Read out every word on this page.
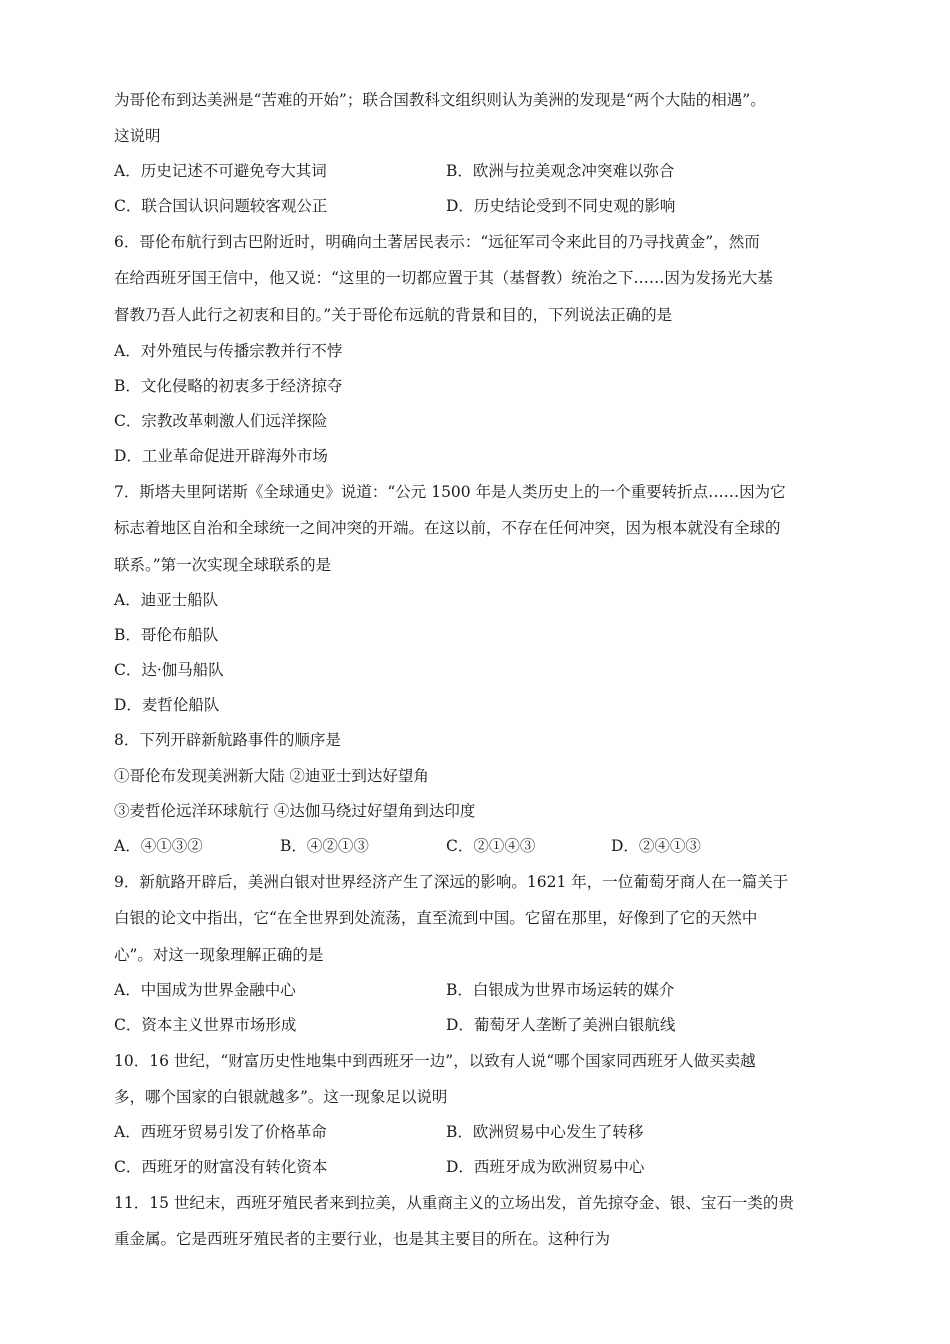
为哥伦布到达美洲是“苦难的开始”；联合国教科文组织则认为美洲的发现是“两个大陆的相遇”。
这说明
A．历史记述不可避免夸大其词	B．欧洲与拉美观念冲突难以弥合
C．联合国认识问题较客观公正	D．历史结论受到不同史观的影响
6．哥伦布航行到古巴附近时，明确向土著居民表示：“远征军司令来此目的乃寻找黄金”，然而
在给西班牙国王信中，他又说：“这里的一切都应置于其（基督教）统治之下……因为发扬光大基
督教乃吾人此行之初衷和目的。”关于哥伦布远航的背景和目的，下列说法正确的是
A．对外殖民与传播宗教并行不悖
B．文化侵略的初衷多于经济掠夺
C．宗教改革刺激人们远洋探险
D．工业革命促进开辟海外市场
7．斯塔夫里阿诺斯《全球通史》说道：“公元 1500 年是人类历史上的一个重要转折点……因为它
标志着地区自治和全球统一之间冲突的开端。在这以前，不存在任何冲突，因为根本就没有全球的
联系。”第一次实现全球联系的是
A．迪亚士船队
B．哥伦布船队
C．达·伽马船队
D．麦哲伦船队
8．下列开辟新航路事件的顺序是
①哥伦布发现美洲新大陆 ②迪亚士到达好望角
③麦哲伦远洋环球航行 ④达伽马绕过好望角到达印度
A．④①③②	B．④②①③	C．②①④③	D．②④①③
9．新航路开辟后，美洲白银对世界经济产生了深远的影响。1621 年，一位葡萄牙商人在一篇关于
白银的论文中指出，它“在全世界到处流荡，直至流到中国。它留在那里，好像到了它的天然中
心”。对这一现象理解正确的是
A．中国成为世界金融中心	B．白银成为世界市场运转的媒介
C．资本主义世界市场形成	D．葡萄牙人垄断了美洲白银航线
10．16 世纪，“财富历史性地集中到西班牙一边”，以致有人说“哪个国家同西班牙人做买卖越
多，哪个国家的白银就越多”。这一现象足以说明
A．西班牙贸易引发了价格革命	B．欧洲贸易中心发生了转移
C．西班牙的财富没有转化资本	D．西班牙成为欧洲贸易中心
11．15 世纪末，西班牙殖民者来到拉美，从重商主义的立场出发，首先掠夺金、银、宝石一类的贵
重金属。它是西班牙殖民者的主要行业，也是其主要目的所在。这种行为
